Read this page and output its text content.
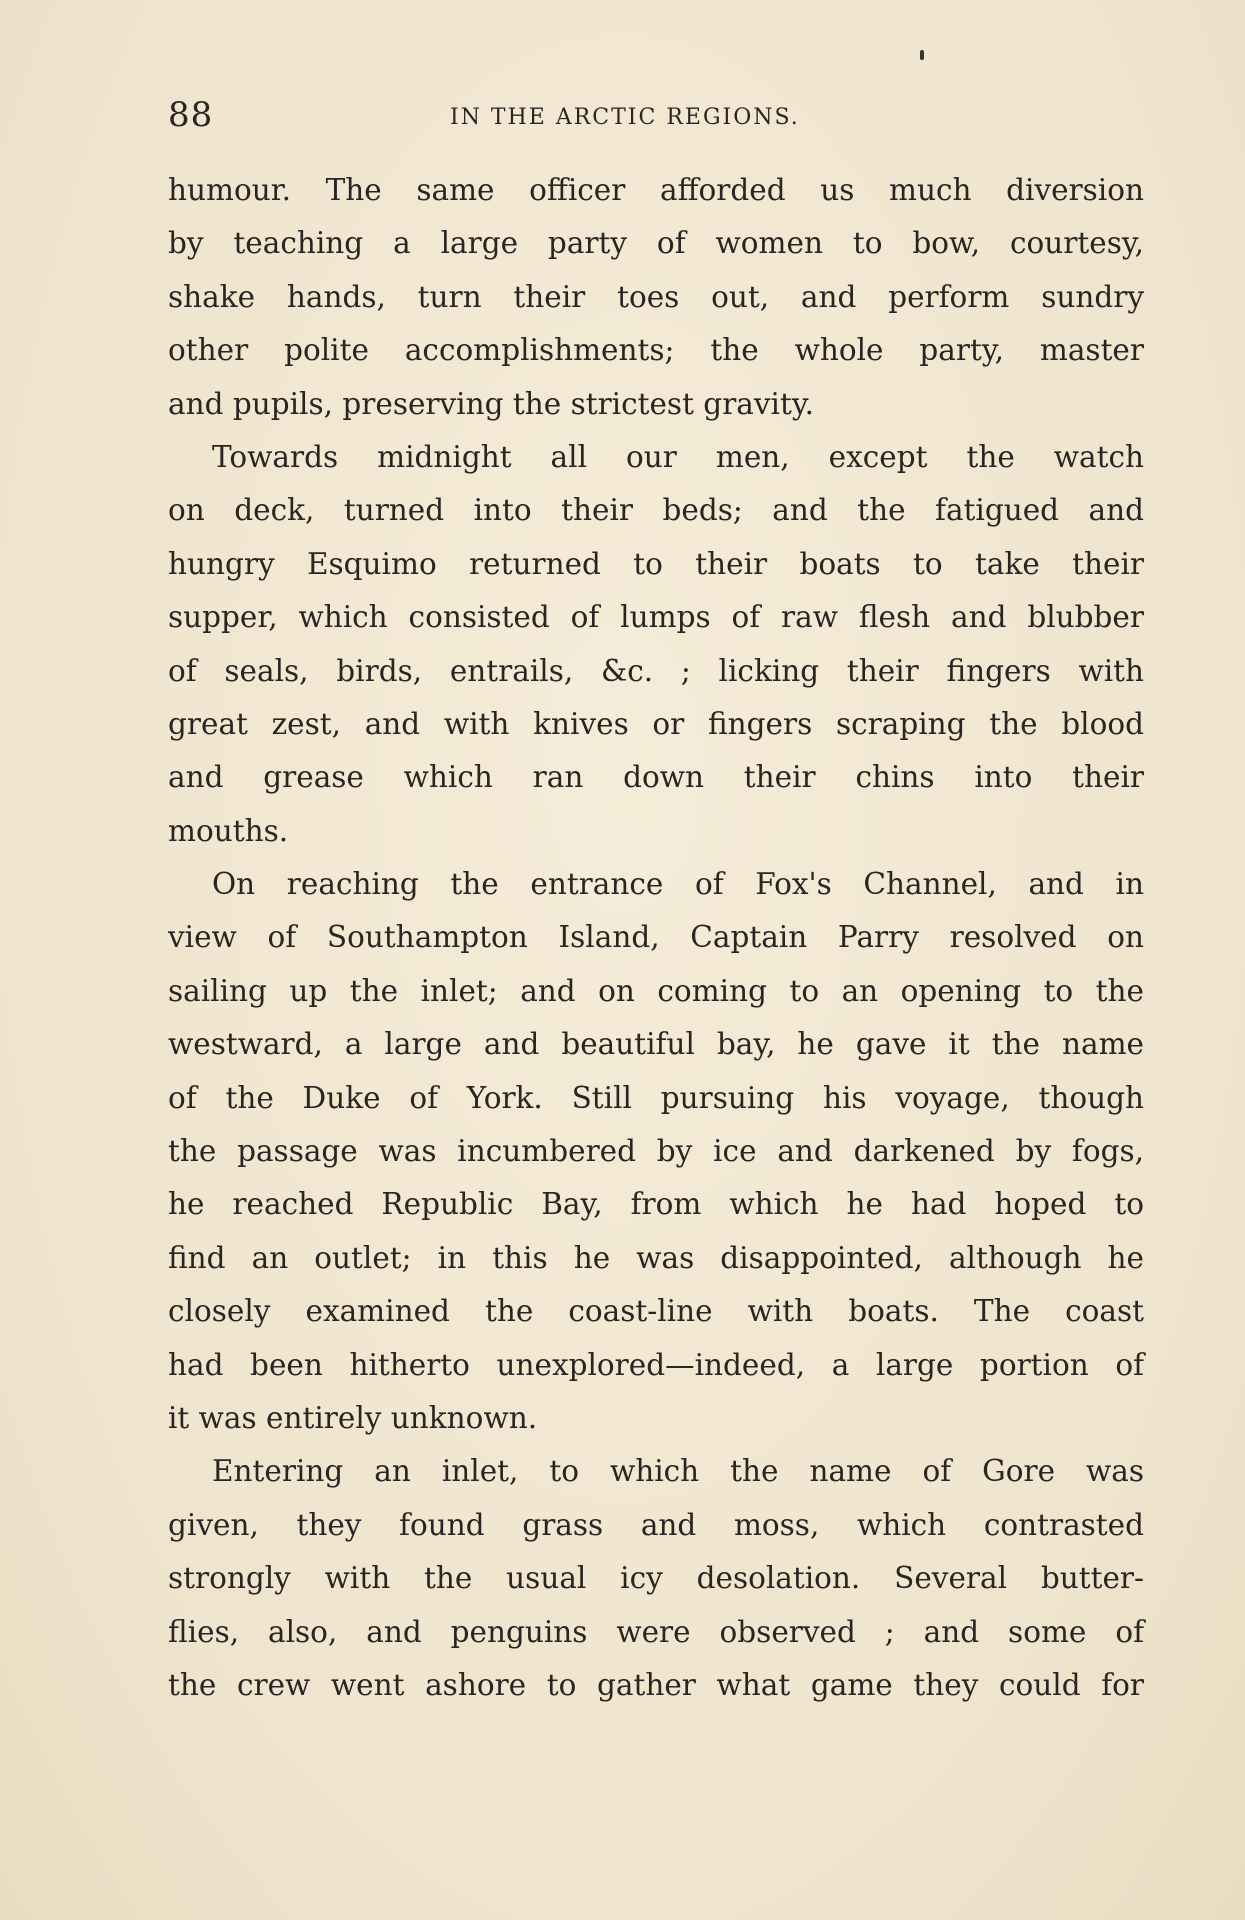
88	IN THE ARCTIC REGIONS.
humour. The same officer afforded us much diversion
by teaching a large party of women to bow, courtesy,
shake hands, turn their toes out, and perform sundry
other polite accomplishments; the whole party, master
and pupils, preserving the strictest gravity.
Towards midnight all our men, except the watch
on deck, turned into their beds; and the fatigued and
hungry Esquimo returned to their boats to take their
supper, which consisted of lumps of raw flesh and blubber
of seals, birds, entrails, &c. ; licking their fingers with
great zest, and with knives or fingers scraping the blood
and grease which ran down their chins into their
mouths.
On reaching the entrance of Fox's Channel, and in
view of Southampton Island, Captain Parry resolved on
sailing up the inlet; and on coming to an opening to the
westward, a large and beautiful bay, he gave it the name
of the Duke of York. Still pursuing his voyage, though
the passage was incumbered by ice and darkened by fogs,
he reached Republic Bay, from which he had hoped to
find an outlet; in this he was disappointed, although he
closely examined the coast-line with boats. The coast
had been hitherto unexplored—indeed, a large portion of
it was entirely unknown.
Entering an inlet, to which the name of Gore was
given, they found grass and moss, which contrasted
strongly with the usual icy desolation. Several butter-
flies, also, and penguins were observed ; and some of
the crew went ashore to gather what game they could for
